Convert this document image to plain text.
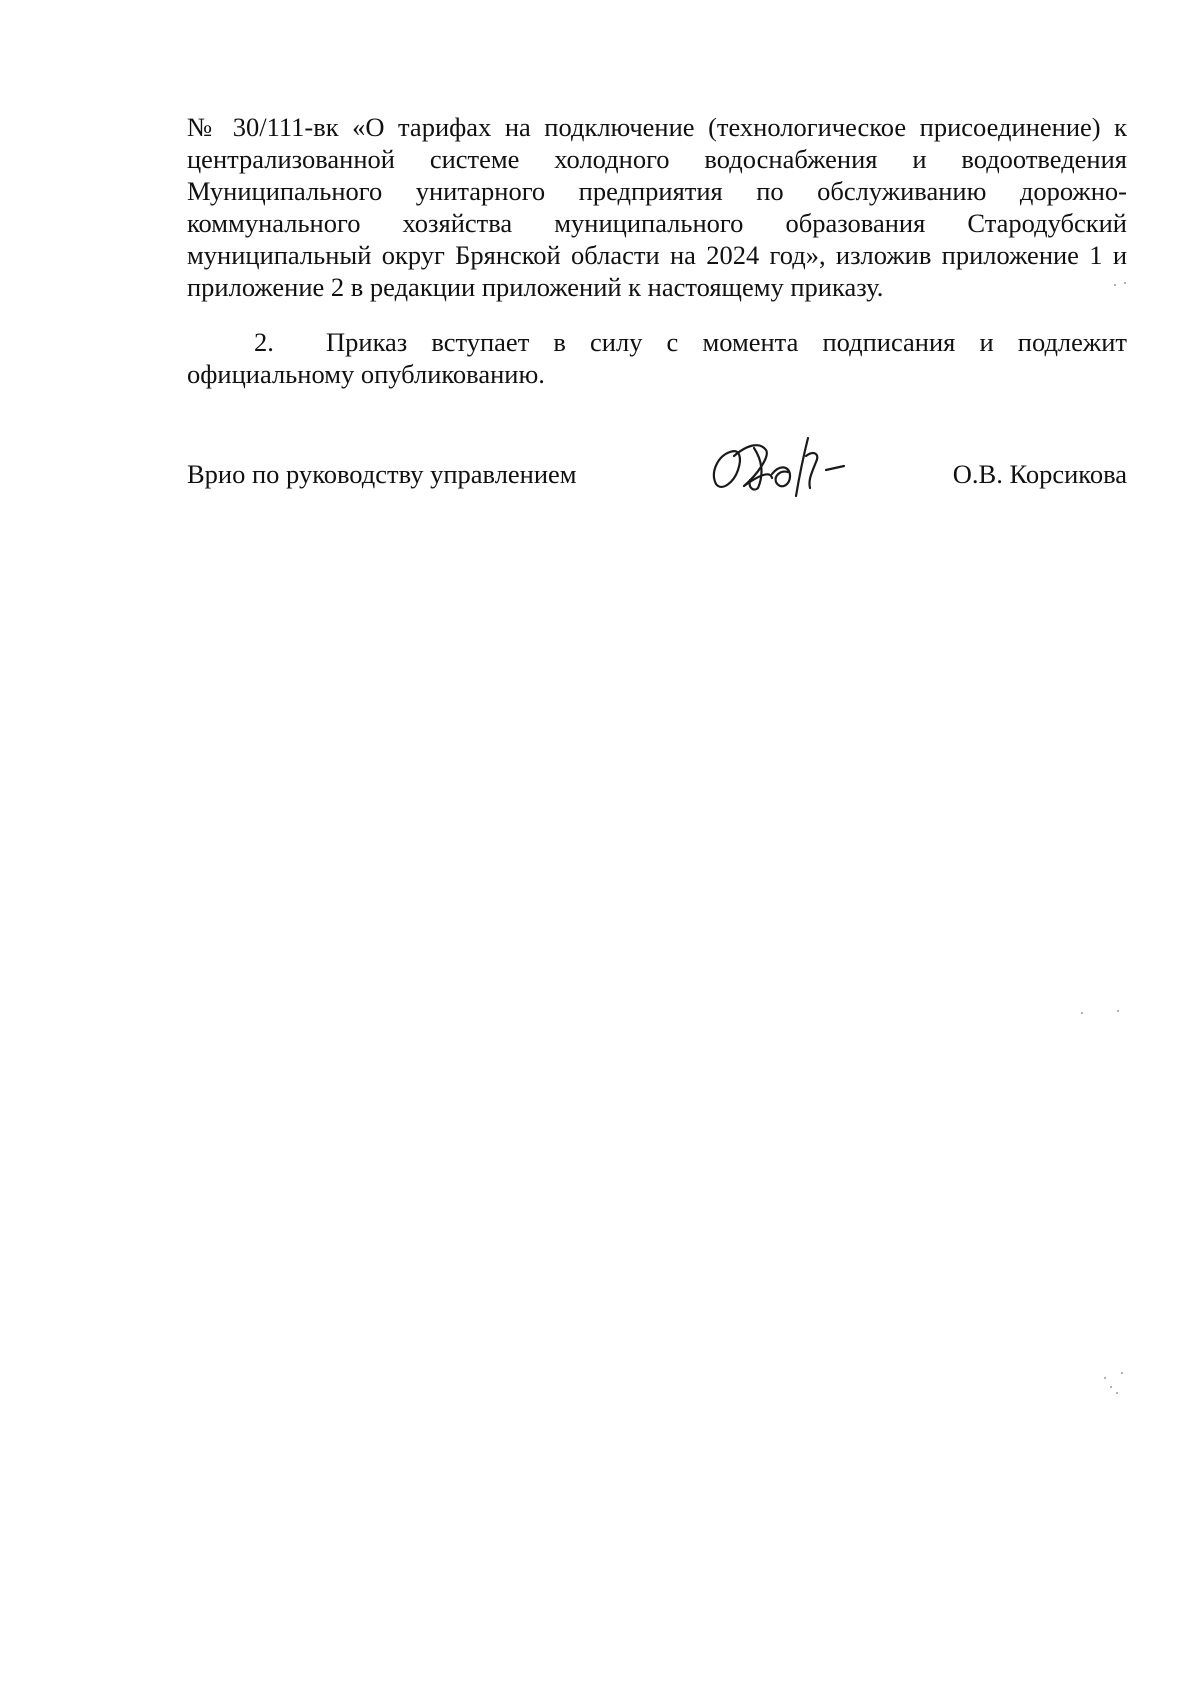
№ 30/111-вк «О тарифах на подключение (технологическое присоединение) к централизованной системе холодного водоснабжения и водоотведения Муниципального унитарного предприятия по обслуживанию дорожно-коммунального хозяйства муниципального образования Стародубский муниципальный округ Брянской области на 2024 год», изложив приложение 1 и приложение 2 в редакции приложений к настоящему приказу.

2. Приказ вступает в силу с момента подписания и подлежит официальному опубликованию.

Врио по руководству управлением	О.В. Корсикова
